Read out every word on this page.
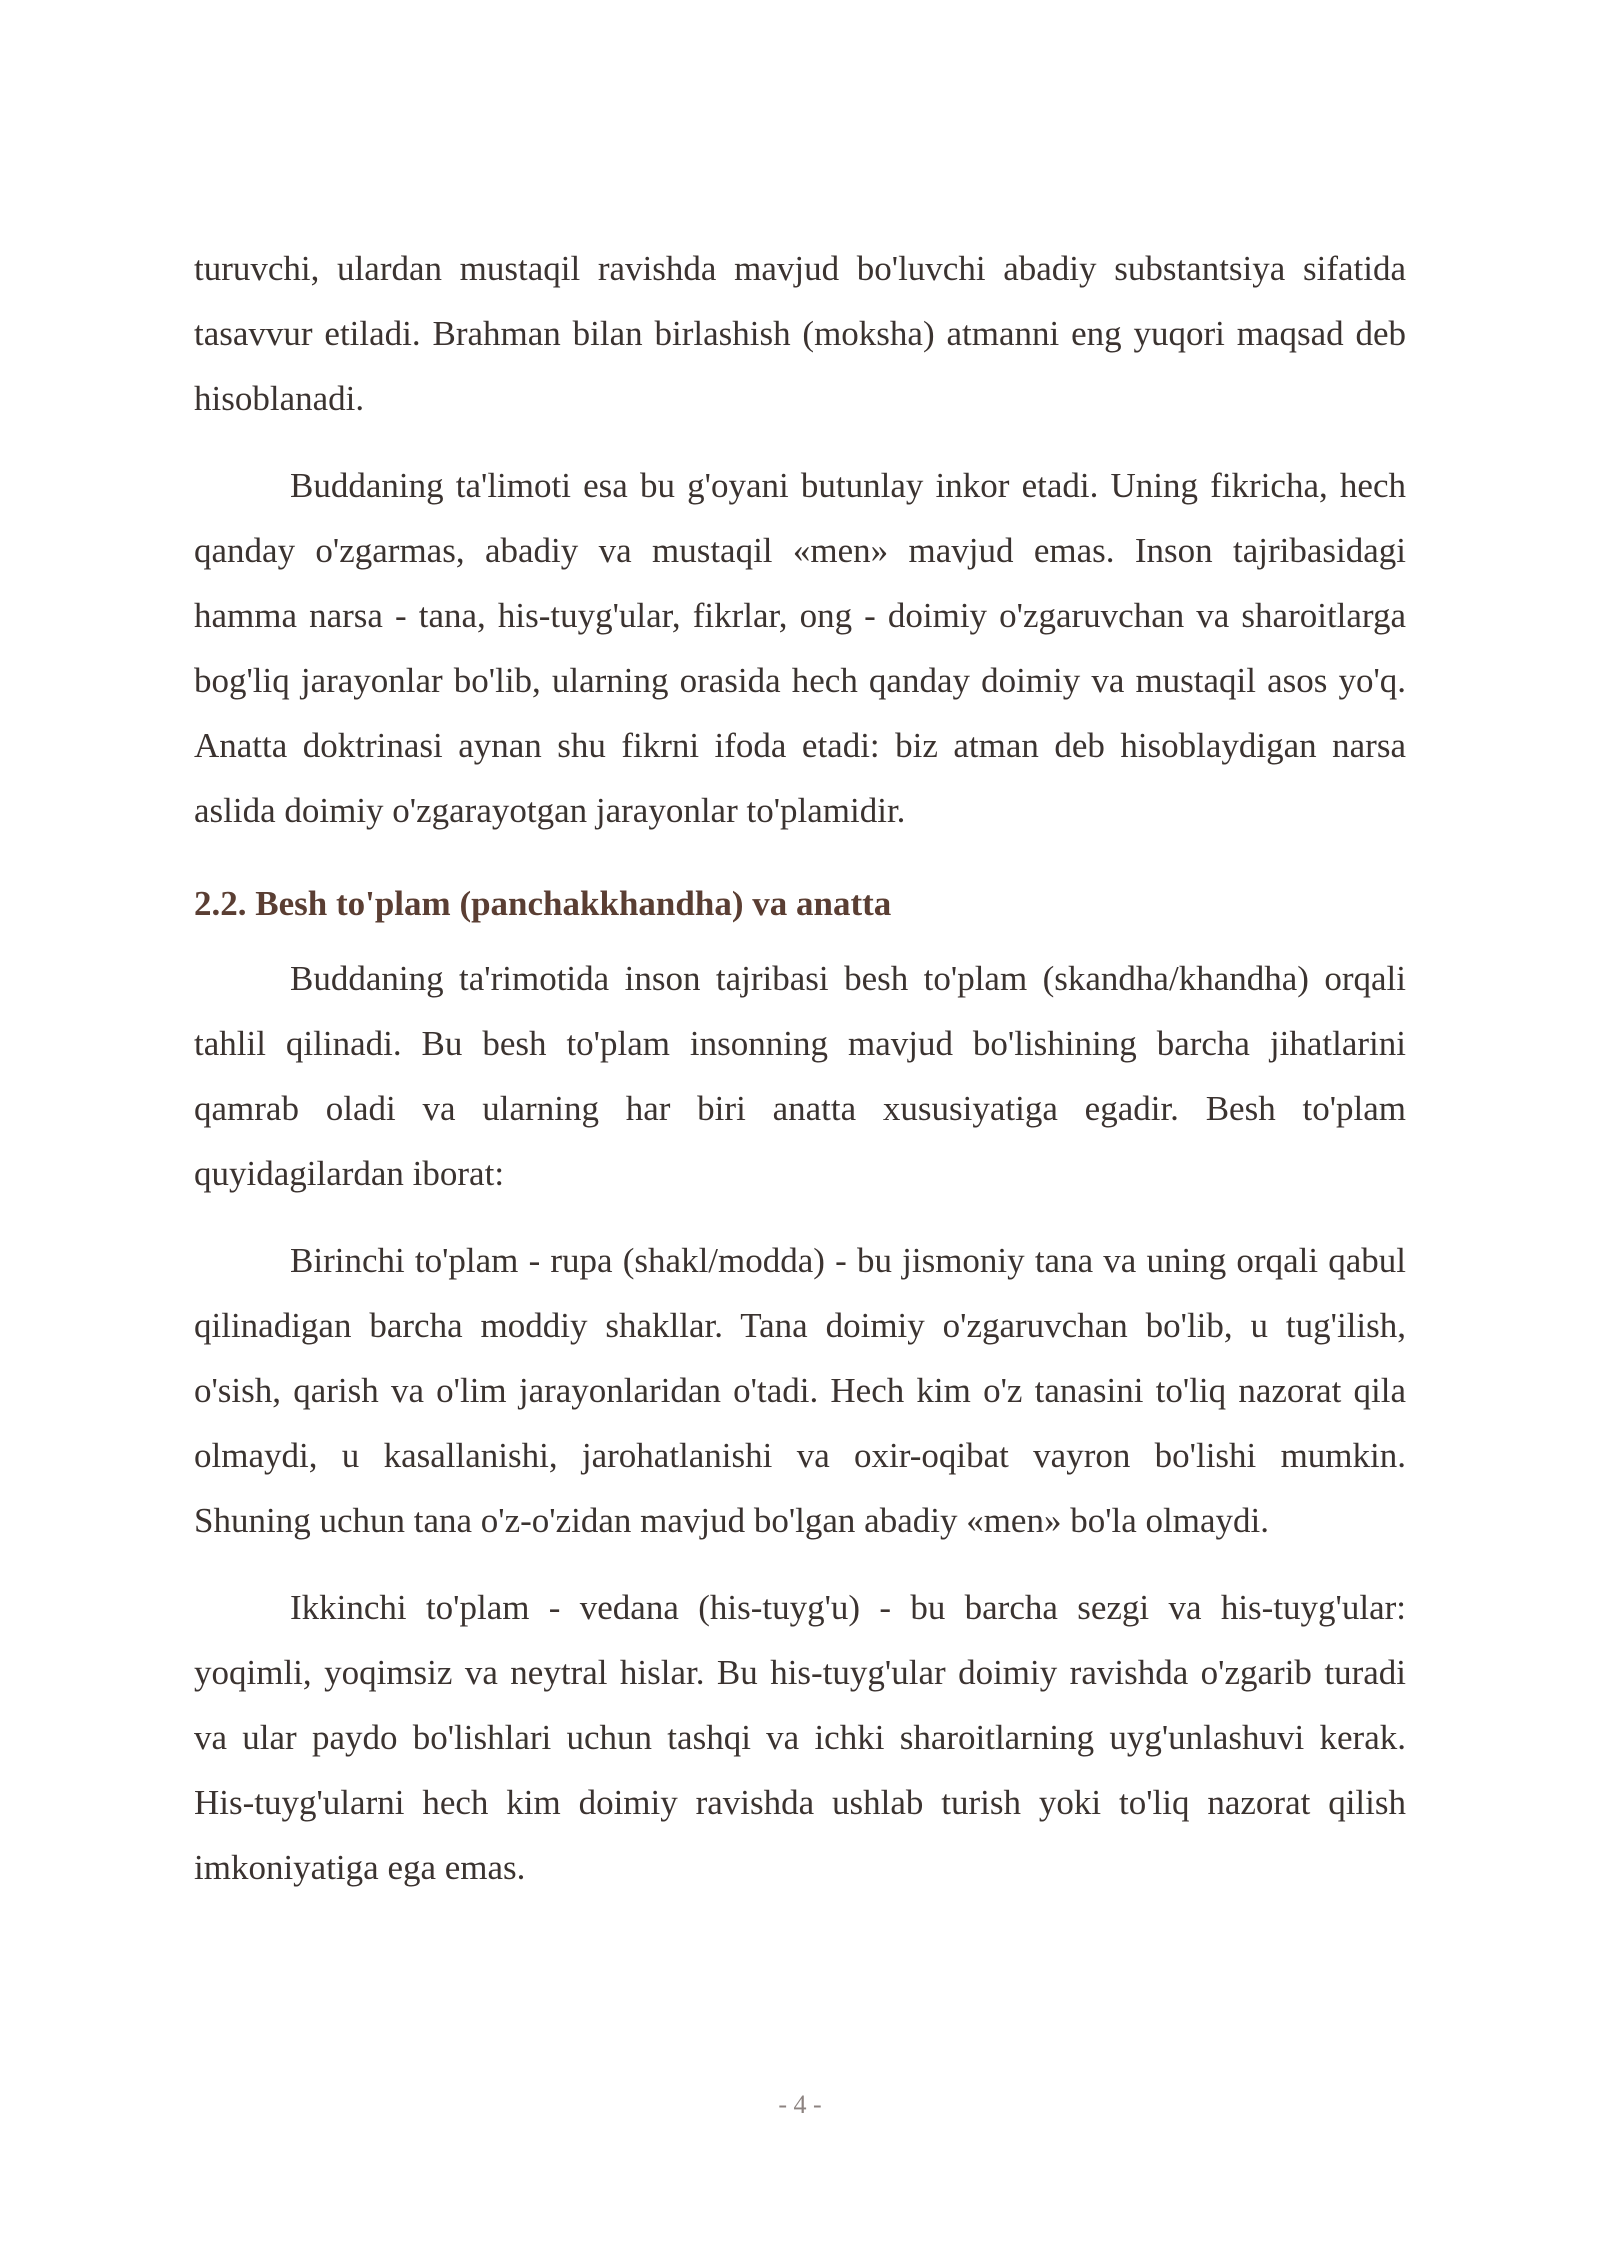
turuvchi, ulardan mustaqil ravishda mavjud bo'luvchi abadiy substantsiya sifatida tasavvur etiladi. Brahman bilan birlashish (moksha) atmanni eng yuqori maqsad deb hisoblanadi.

Buddaning ta'limoti esa bu g'oyani butunlay inkor etadi. Uning fikricha, hech qanday o'zgarmas, abadiy va mustaqil «men» mavjud emas. Inson tajribasidagi hamma narsa - tana, his-tuyg'ular, fikrlar, ong - doimiy o'zgaruvchan va sharoitlarga bog'liq jarayonlar bo'lib, ularning orasida hech qanday doimiy va mustaqil asos yo'q. Anatta doktrinasi aynan shu fikrni ifoda etadi: biz atman deb hisoblaydigan narsa aslida doimiy o'zgarayotgan jarayonlar to'plamidir.

2.2. Besh to'plam (panchakkhandha) va anatta

Buddaning ta'rimotida inson tajribasi besh to'plam (skandha/khandha) orqali tahlil qilinadi. Bu besh to'plam insonning mavjud bo'lishining barcha jihatlarini qamrab oladi va ularning har biri anatta xususiyatiga egadir. Besh to'plam quyidagilardan iborat:

Birinchi to'plam - rupa (shakl/modda) - bu jismoniy tana va uning orqali qabul qilinadigan barcha moddiy shakllar. Tana doimiy o'zgaruvchan bo'lib, u tug'ilish, o'sish, qarish va o'lim jarayonlaridan o'tadi. Hech kim o'z tanasini to'liq nazorat qila olmaydi, u kasallanishi, jarohatlanishi va oxir-oqibat vayron bo'lishi mumkin. Shuning uchun tana o'z-o'zidan mavjud bo'lgan abadiy «men» bo'la olmaydi.

Ikkinchi to'plam - vedana (his-tuyg'u) - bu barcha sezgi va his-tuyg'ular: yoqimli, yoqimsiz va neytral hislar. Bu his-tuyg'ular doimiy ravishda o'zgarib turadi va ular paydo bo'lishlari uchun tashqi va ichki sharoitlarning uyg'unlashuvi kerak. His-tuyg'ularni hech kim doimiy ravishda ushlab turish yoki to'liq nazorat qilish imkoniyatiga ega emas.

- 4 -
